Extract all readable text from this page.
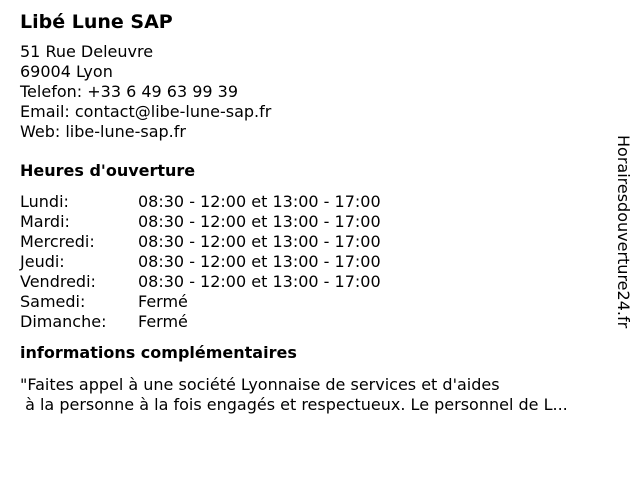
Libé Lune SAP
51 Rue Deleuvre
69004 Lyon
Telefon: +33 6 49 63 99 39
Email: contact@libe-lune-sap.fr
Web: libe-lune-sap.fr
Heures d'ouverture
Lundi:	08:30 - 12:00 et 13:00 - 17:00
Mardi:	08:30 - 12:00 et 13:00 - 17:00
Mercredi:	08:30 - 12:00 et 13:00 - 17:00
Jeudi:	08:30 - 12:00 et 13:00 - 17:00
Vendredi:	08:30 - 12:00 et 13:00 - 17:00
Samedi:	Fermé
Dimanche:	Fermé
informations complémentaires
"Faites appel à une société Lyonnaise de services et d'aides
à la personne à la fois engagés et respectueux. Le personnel de L...
Horairesdouverture24.fr
